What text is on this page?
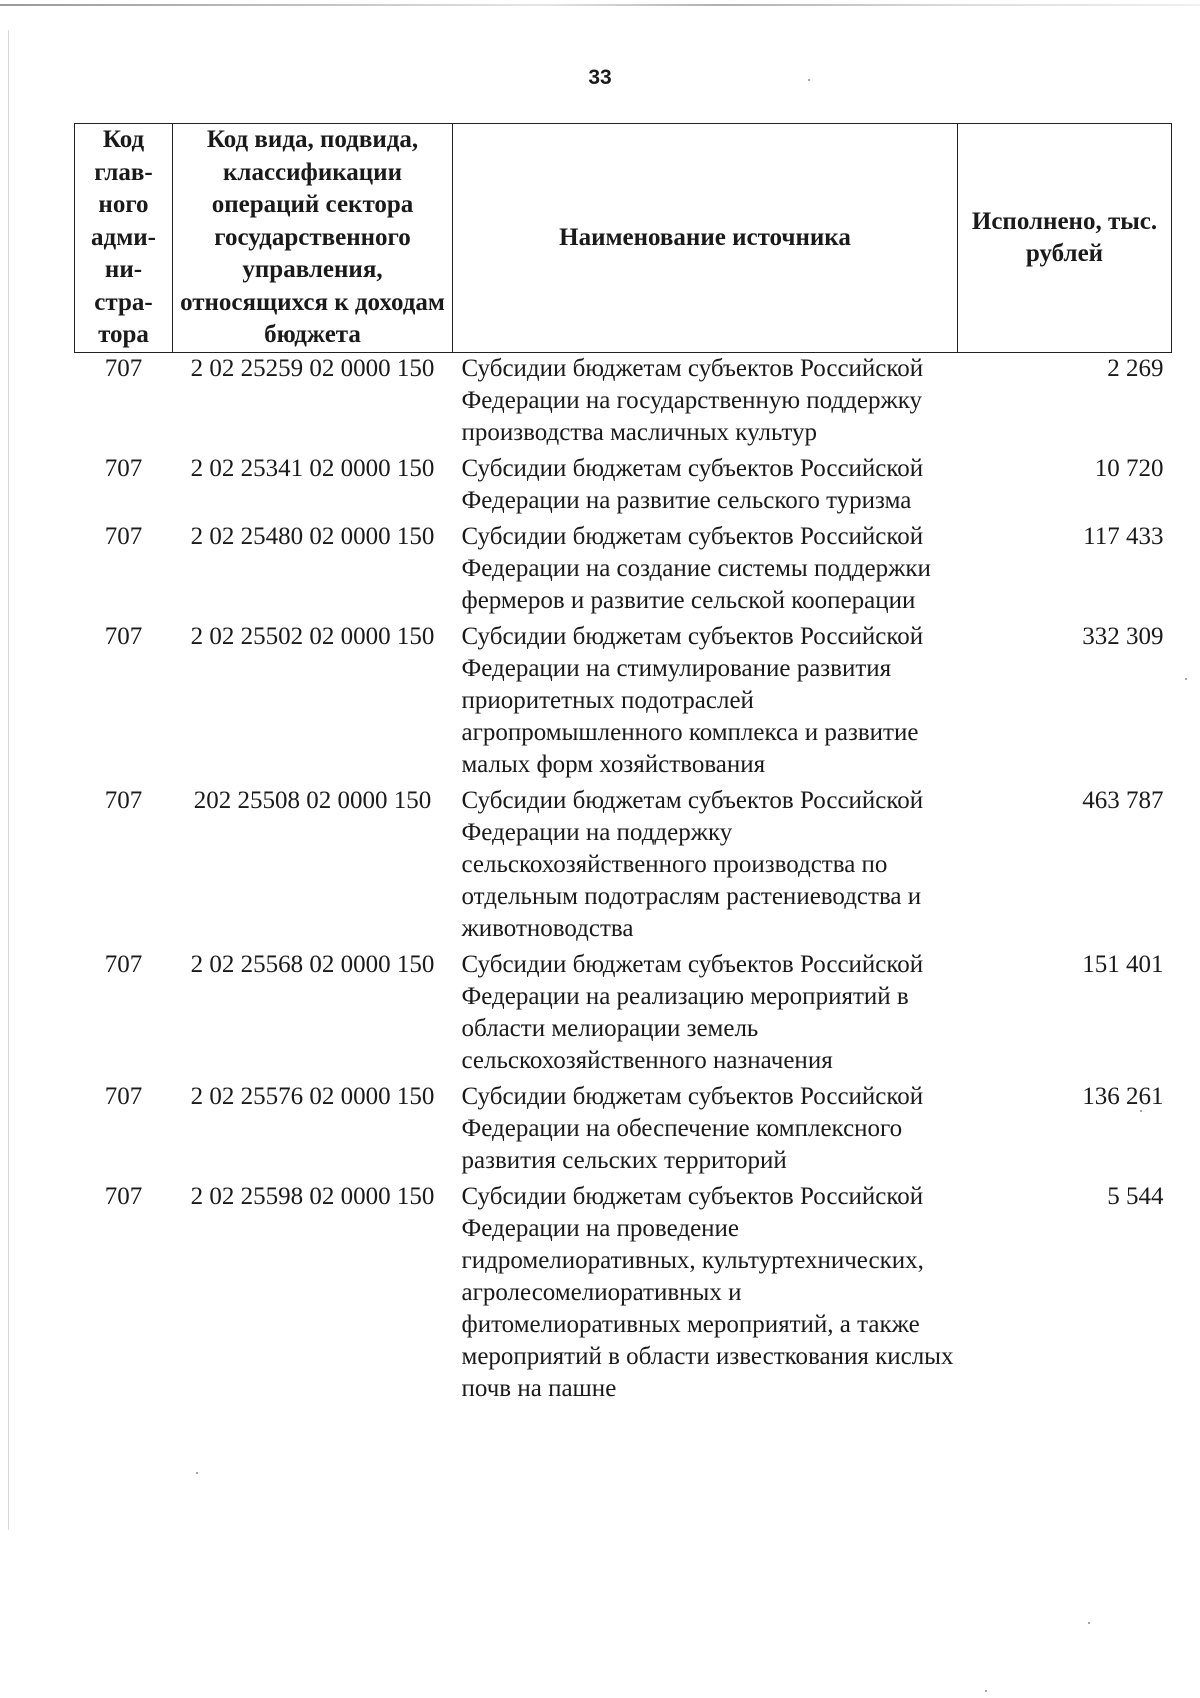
33
Код глав-ного адми-ни-стра-тора	Код вида, подвида, классификации операций сектора государственного управления, относящихся к доходам бюджета	Наименование источника	Исполнено, тыс. рублей
707	2 02 25259 02 0000 150	Субсидии бюджетам субъектов Российской Федерации на государственную поддержку производства масличных культур	2 269
707	2 02 25341 02 0000 150	Субсидии бюджетам субъектов Российской Федерации на развитие сельского туризма	10 720
707	2 02 25480 02 0000 150	Субсидии бюджетам субъектов Российской Федерации на создание системы поддержки фермеров и развитие сельской кооперации	117 433
707	2 02 25502 02 0000 150	Субсидии бюджетам субъектов Российской Федерации на стимулирование развития приоритетных подотраслей агропромышленного комплекса и развитие малых форм хозяйствования	332 309
707	202 25508 02 0000 150	Субсидии бюджетам субъектов Российской Федерации на поддержку сельскохозяйственного производства по отдельным подотраслям растениеводства и животноводства	463 787
707	2 02 25568 02 0000 150	Субсидии бюджетам субъектов Российской Федерации на реализацию мероприятий в области мелиорации земель сельскохозяйственного назначения	151 401
707	2 02 25576 02 0000 150	Субсидии бюджетам субъектов Российской Федерации на обеспечение комплексного развития сельских территорий	136 261
707	2 02 25598 02 0000 150	Субсидии бюджетам субъектов Российской Федерации на проведение гидромелиоративных, культуртехнических, агролесомелиоративных и фитомелиоративных мероприятий, а также мероприятий в области известкования кислых почв на пашне	5 544
